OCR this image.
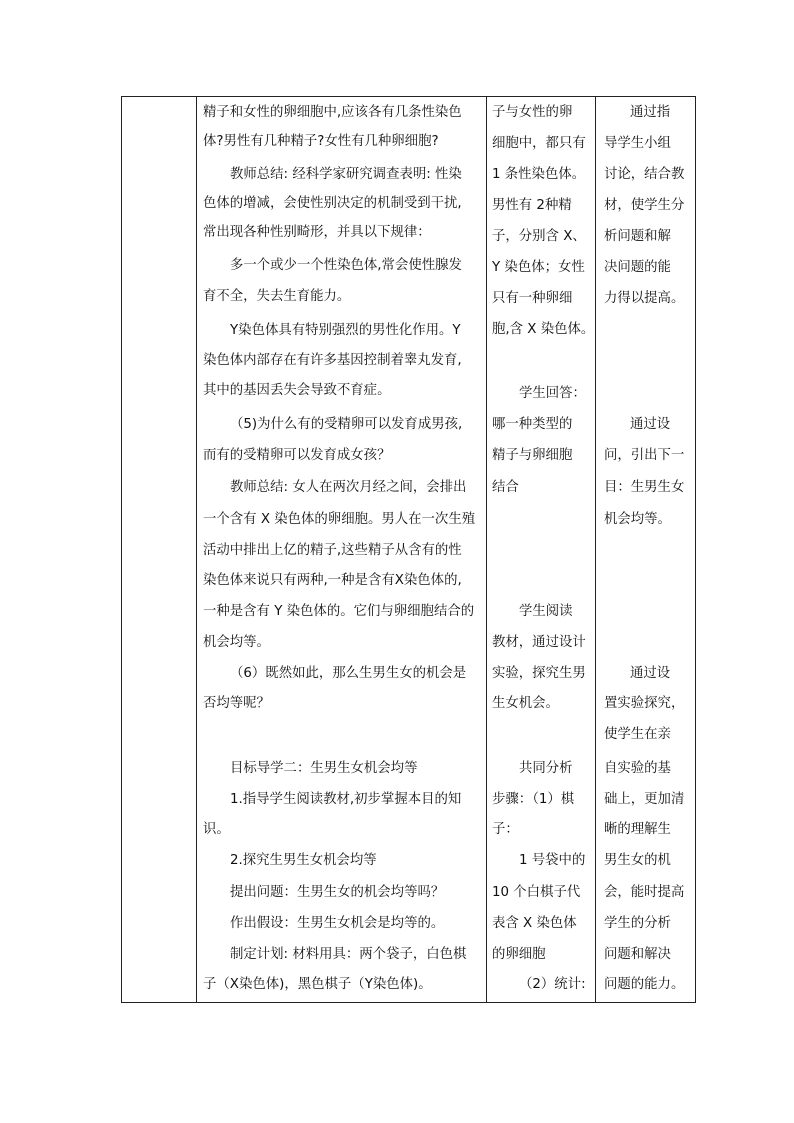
精子和女性的卵细胞中,应该各有几条性染色
体?男性有几种精子?女性有几种卵细胞?
教师总结: 经科学家研究调查表明: 性染
色体的增减，会使性别决定的机制受到干扰,
常出现各种性别畸形，并具以下规律：
多一个或少一个性染色体,常会使性腺发
育不全，失去生育能力。
Y染色体具有特别强烈的男性化作用。Y
染色体内部存在有许多基因控制着睾丸发育,
其中的基因丢失会导致不育症。
（5)为什么有的受精卵可以发育成男孩,
而有的受精卵可以发育成女孩？
教师总结: 女人在两次月经之间，会排出
一个含有 X 染色体的卵细胞。男人在一次生殖
活动中排出上亿的精子,这些精子从含有的性
染色体来说只有两种,一种是含有X染色体的,
一种是含有 Y 染色体的。它们与卵细胞结合的
机会均等。
（6）既然如此，那么生男生女的机会是
否均等呢？
目标导学二：生男生女机会均等
1.指导学生阅读教材,初步掌握本目的知
识。
2.探究生男生女机会均等
提出问题：生男生女的机会均等吗？
作出假设：生男生女机会是均等的。
制定计划: 材料用具：两个袋子，白色棋
子（X染色体)，黑色棋子（Y染色体)。

子与女性的卵
细胞中，都只有
1 条性染色体。
男性有 2种精
子，分别含 X、
Y 染色体；女性
只有一种卵细
胞,含 X 染色体。
学生回答：
哪一种类型的
精子与卵细胞
结合
学生阅读
教材，通过设计
实验，探究生男
生女机会。
共同分析
步骤：（1）棋
子：
1 号袋中的
10 个白棋子代
表含 X 染色体
的卵细胞
（2）统计:

通过指
导学生小组
讨论，结合教
材，使学生分
析问题和解
决问题的能
力得以提高。
通过设
问，引出下一
目：生男生女
机会均等。
通过设
置实验探究，
使学生在亲
自实验的基
础上，更加清
晰的理解生
男生女的机
会，能时提高
学生的分析
问题和解决
问题的能力。
